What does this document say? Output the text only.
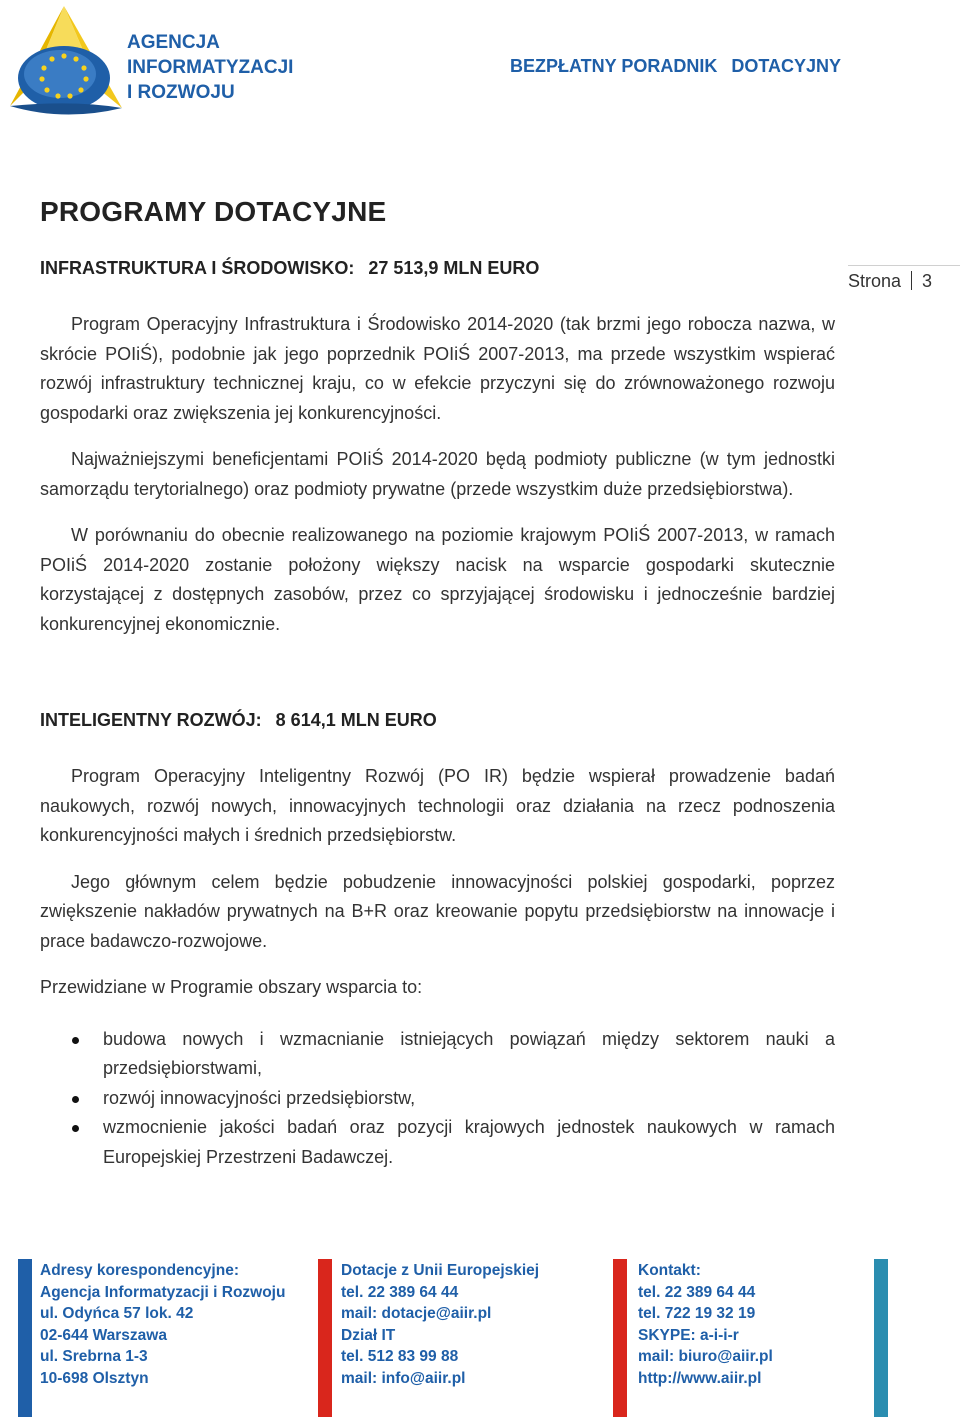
AGENCJA
INFORMATYZACJI
I ROZWOJU
BEZPŁATNY PORADNIK DOTACYJNY
Strona 3
PROGRAMY DOTACYJNE
INFRASTRUKTURA I ŚRODOWISKO: 27 513,9 MLN EURO

Program Operacyjny Infrastruktura i Środowisko 2014-2020 (tak brzmi jego robocza nazwa, w skrócie POIiŚ), podobnie jak jego poprzednik POIiŚ 2007-2013, ma przede wszystkim wspierać rozwój infrastruktury technicznej kraju, co w efekcie przyczyni się do zrównoważonego rozwoju gospodarki oraz zwiększenia jej konkurencyjności.

Najważniejszymi beneficjentami POIiŚ 2014-2020 będą podmioty publiczne (w tym jednostki samorządu terytorialnego) oraz podmioty prywatne (przede wszystkim duże przedsiębiorstwa).

W porównaniu do obecnie realizowanego na poziomie krajowym POIiŚ 2007-2013, w ramach POIiŚ 2014-2020 zostanie położony większy nacisk na wsparcie gospodarki skutecznie korzystającej z dostępnych zasobów, przez co sprzyjającej środowisku i jednocześnie bardziej konkurencyjnej ekonomicznie.

INTELIGENTNY ROZWÓJ: 8 614,1 MLN EURO

Program Operacyjny Inteligentny Rozwój (PO IR) będzie wspierał prowadzenie badań naukowych, rozwój nowych, innowacyjnych technologii oraz działania na rzecz podnoszenia konkurencyjności małych i średnich przedsiębiorstw.

Jego głównym celem będzie pobudzenie innowacyjności polskiej gospodarki, poprzez zwiększenie nakładów prywatnych na B+R oraz kreowanie popytu przedsiębiorstw na innowacje i prace badawczo-rozwojowe.

Przewidziane w Programie obszary wsparcia to:

budowa nowych i wzmacnianie istniejących powiązań między sektorem nauki a przedsiębiorstwami,
rozwój innowacyjności przedsiębiorstw,
wzmocnienie jakości badań oraz pozycji krajowych jednostek naukowych w ramach Europejskiej Przestrzeni Badawczej.
Adresy korespondencyjne:
Agencja Informatyzacji i Rozwoju
ul. Odyńca 57 lok. 42
02-644 Warszawa
ul. Srebrna 1-3
10-698 Olsztyn
Dotacje z Unii Europejskiej
tel. 22 389 64 44
mail: dotacje@aiir.pl
Dział IT
tel. 512 83 99 88
mail: info@aiir.pl
Kontakt:
tel. 22 389 64 44
tel. 722 19 32 19
SKYPE: a-i-i-r
mail: biuro@aiir.pl
http://www.aiir.pl
